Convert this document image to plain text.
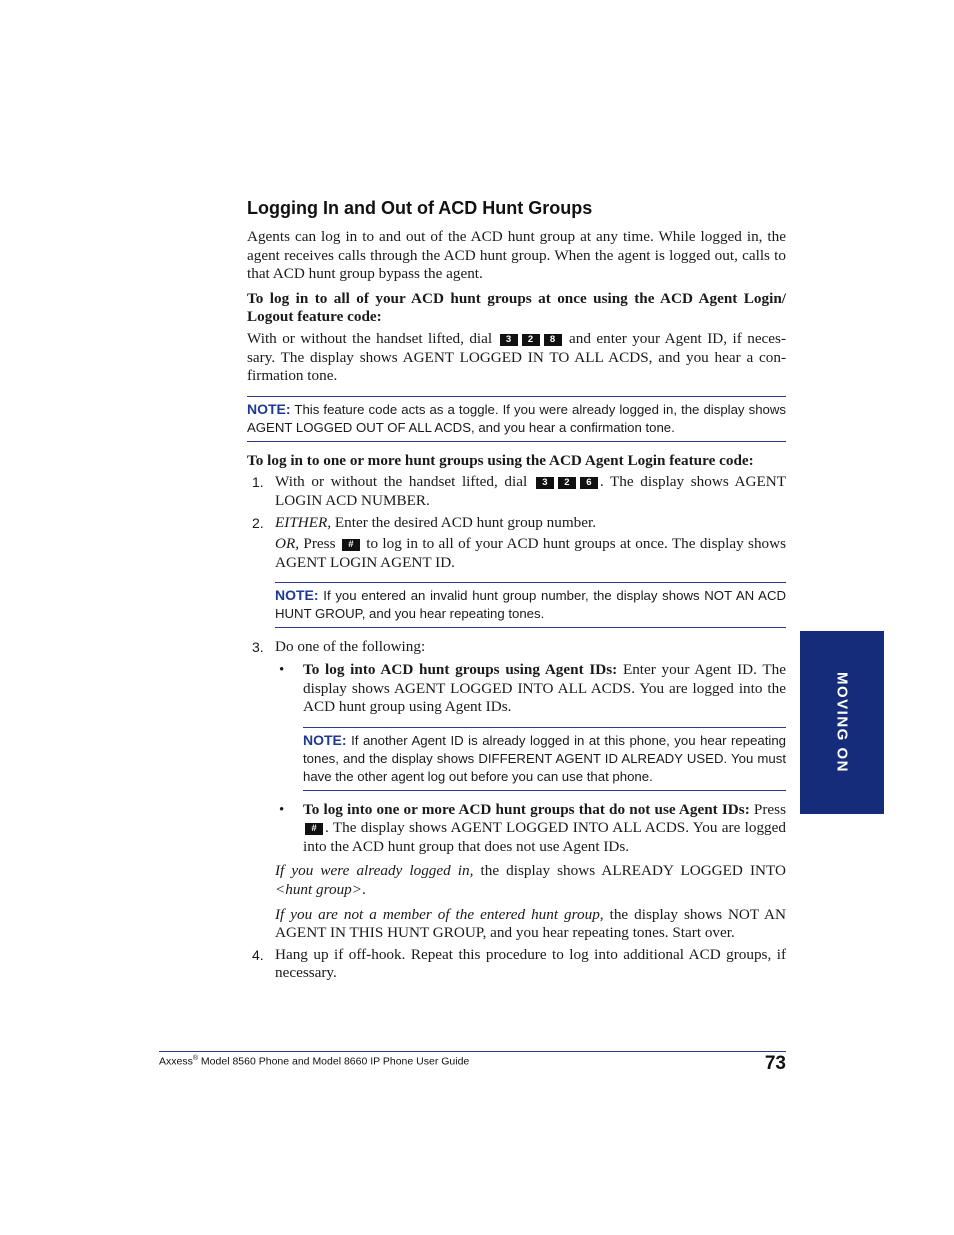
Logging In and Out of ACD Hunt Groups

Agents can log in to and out of the ACD hunt group at any time. While logged in, the agent receives calls through the ACD hunt group. When the agent is logged out, calls to that ACD hunt group bypass the agent.

To log in to all of your ACD hunt groups at once using the ACD Agent Login/ Logout feature code:

With or without the handset lifted, dial 3 2 8 and enter your Agent ID, if neces- sary. The display shows AGENT LOGGED IN TO ALL ACDS, and you hear a con- firmation tone.

NOTE: This feature code acts as a toggle. If you were already logged in, the display shows AGENT LOGGED OUT OF ALL ACDS, and you hear a confirmation tone.

To log in to one or more hunt groups using the ACD Agent Login feature code:

1. With or without the handset lifted, dial 3 2 6 . The display shows AGENT LOGIN ACD NUMBER.

2. EITHER, Enter the desired ACD hunt group number.

OR, Press # to log in to all of your ACD hunt groups at once. The display shows AGENT LOGIN AGENT ID.

NOTE: If you entered an invalid hunt group number, the display shows NOT AN ACD HUNT GROUP, and you hear repeating tones.
3. Do one of the following:

• To log into ACD hunt groups using Agent IDs: Enter your Agent ID. The display shows AGENT LOGGED INTO ALL ACDS. You are logged into the ACD hunt group using Agent IDs.

NOTE: If another Agent ID is already logged in at this phone, you hear repeating tones, and the display shows DIFFERENT AGENT ID ALREADY USED. You must have the other agent log out before you can use that phone.
• To log into one or more ACD hunt groups that do not use Agent IDs: Press # . The display shows AGENT LOGGED INTO ALL ACDS. You are logged into the ACD hunt group that does not use Agent IDs.

If you were already logged in, the display shows ALREADY LOGGED INTO <hunt group>.

If you are not a member of the entered hunt group, the display shows NOT AN AGENT IN THIS HUNT GROUP, and you hear repeating tones. Start over.

4. Hang up if off-hook. Repeat this procedure to log into additional ACD groups, if necessary.

MOVING ON
Axxess® Model 8560 Phone and Model 8660 IP Phone User Guide	73
